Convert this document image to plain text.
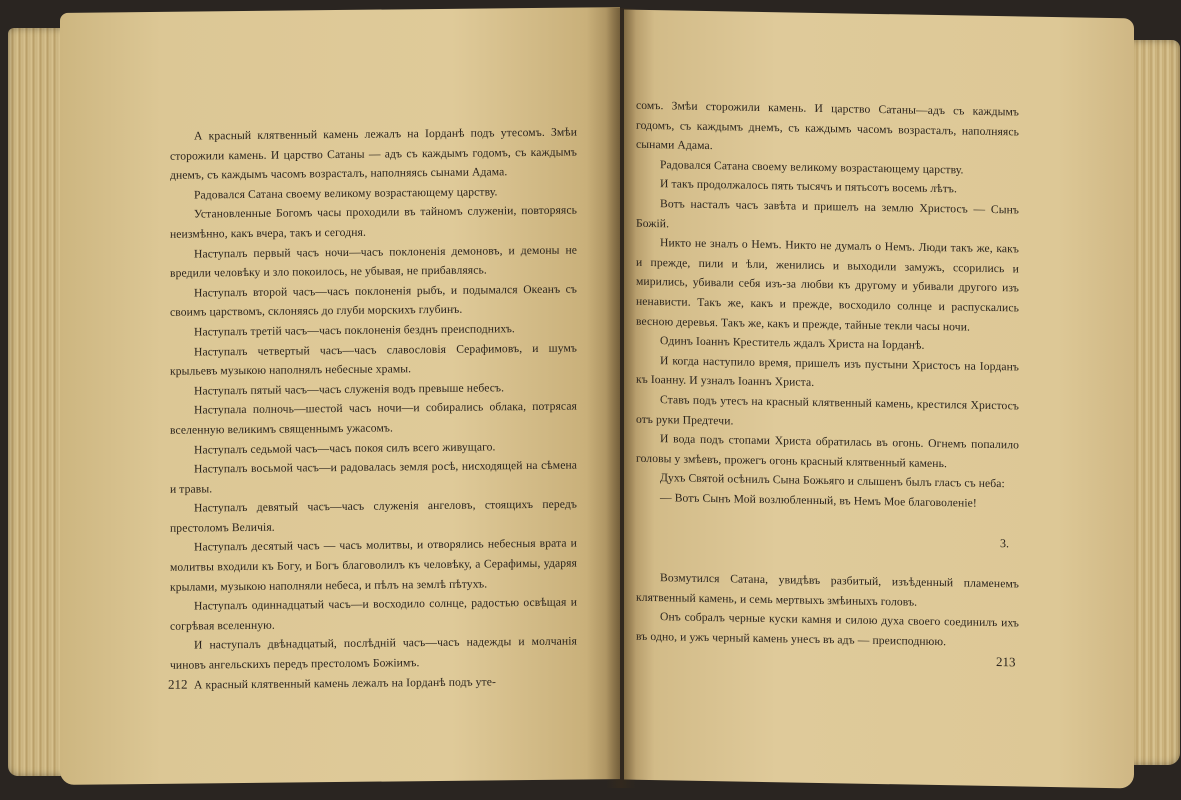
А красный клятвенный камень лежалъ на Іорданѣ подъ утесомъ. Змѣи сторожили камень. И царство Сатаны — адъ съ каждымъ годомъ, съ каждымъ днемъ, съ каждымъ часомъ возрасталъ, наполняясь сынами Адама.

Радовался Сатана своему великому возрастающему царству.

Установленные Богомъ часы проходили въ тайномъ служеніи, повторяясь неизмѣнно, какъ вчера, такъ и сегодня.

Наступалъ первый часъ ночи—часъ поклоненія демоновъ, и демоны не вредили человѣку и зло покоилось, не убывая, не прибавляясь.

Наступалъ второй часъ—часъ поклоненія рыбъ, и подымался Океанъ съ своимъ царствомъ, склоняясь до глуби морскихъ глубинъ.

Наступалъ третій часъ—часъ поклоненія безднъ преисподнихъ.

Наступалъ четвертый часъ—часъ славословія Серафимовъ, и шумъ крыльевъ музыкою наполнялъ небесные храмы.

Наступалъ пятый часъ—часъ служенія водъ превыше небесъ.

Наступала полночь—шестой часъ ночи—и собирались облака, потрясая вселенную великимъ священнымъ ужасомъ.

Наступалъ седьмой часъ—часъ покоя силъ всего живущаго.

Наступалъ восьмой часъ—и радовалась земля росѣ, нисходящей на сѣмена и травы.

Наступалъ девятый часъ—часъ служенія ангеловъ, стоящихъ передъ престоломъ Величія.

Наступалъ десятый часъ — часъ молитвы, и отворялись небесныя врата и молитвы входили къ Богу, и Богъ благоволилъ къ человѣку, а Серафимы, ударяя крылами, музыкою наполняли небеса, и пѣлъ на землѣ пѣтухъ.

Наступалъ одиннадцатый часъ—и восходило солнце, радостью освѣщая и согрѣвая вселенную.

И наступалъ двѣнадцатый, послѣдній часъ—часъ надежды и молчанія чиновъ ангельскихъ передъ престоломъ Божіимъ.

А красный клятвенный камень лежалъ на Іорданѣ подъ уте-

212

сомъ. Змѣи сторожили камень. И царство Сатаны—адъ съ каждымъ годомъ, съ каждымъ днемъ, съ каждымъ часомъ возрасталъ, наполняясь сынами Адама.

Радовался Сатана своему великому возрастающему царству.

И такъ продолжалось пять тысячъ и пятьсотъ восемь лѣтъ.

Вотъ насталъ часъ завѣта и пришелъ на землю Христосъ — Сынъ Божій.

Никто не зналъ о Немъ. Никто не думалъ о Немъ. Люди такъ же, какъ и прежде, пили и ѣли, женились и выходили замужъ, ссорились и мирились, убивали себя изъ-за любви къ другому и убивали другого изъ ненависти. Такъ же, какъ и прежде, восходило солнце и распускались весною деревья. Такъ же, какъ и прежде, тайные текли часы ночи.

Одинъ Іоаннъ Креститель ждалъ Христа на Іорданѣ.

И когда наступило время, пришелъ изъ пустыни Христосъ на Іорданъ къ Іоанну. И узналъ Іоаннъ Христа.

Ставъ подъ утесъ на красный клятвенный камень, крестился Христосъ отъ руки Предтечи.

И вода подъ стопами Христа обратилась въ огонь. Огнемъ попалило головы у змѣевъ, прожегъ огонь красный клятвенный камень.

Духъ Святой осѣнилъ Сына Божьяго и слышенъ былъ гласъ съ неба:

— Вотъ Сынъ Мой возлюбленный, въ Немъ Мое благоволеніе!

3.

Возмутился Сатана, увидѣвъ разбитый, изъѣденный пламенемъ клятвенный камень, и семь мертвыхъ змѣиныхъ головъ.

Онъ собралъ черные куски камня и силою духа своего соединилъ ихъ въ одно, и ужъ черный камень унесъ въ адъ — преисподнюю.

213
